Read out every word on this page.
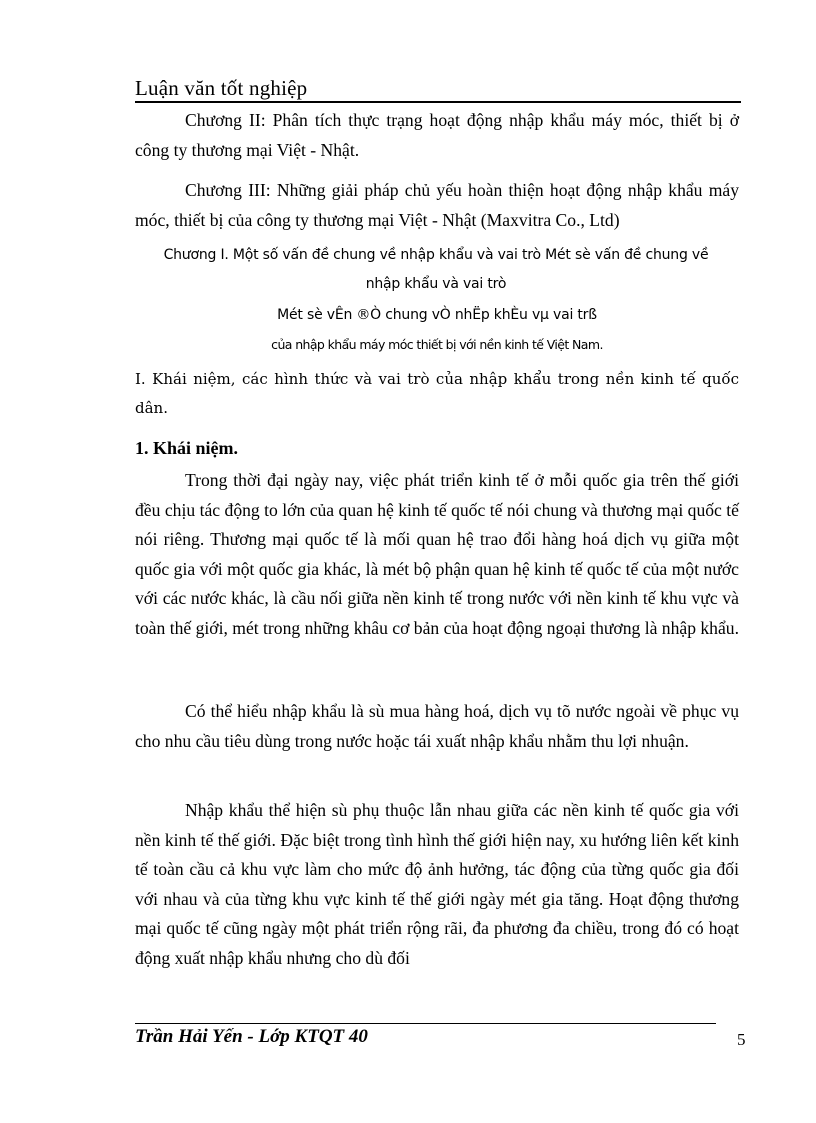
Luận văn tốt nghiệp

Chương II: Phân tích thực trạng hoạt động nhập khẩu máy móc, thiết bị ở công ty thương mại Việt - Nhật.

Chương III: Những giải pháp chủ yếu hoàn thiện hoạt động nhập khẩu máy móc, thiết bị của công ty thương mại Việt - Nhật (Maxvitra Co., Ltd)

Chương I. Một số vấn đề chung về nhập khẩu và vai trò Mét sè vấn đề chung về nhập khẩu và vai trò

Mét sè vÊn ®Ò chung vÒ nhËp khÈu vµ vai trß

của nhập khẩu máy móc thiết bị với nền kinh tế Việt Nam.

I. Khái niệm, các hình thức và vai trò của nhập khẩu trong nền kinh tế quốc dân.

1. Khái niệm.

Trong thời đại ngày nay, việc phát triển kinh tế ở mỗi quốc gia trên thế giới đều chịu tác động to lớn của quan hệ kinh tế quốc tế nói chung và thương mại quốc tế nói riêng. Thương mại quốc tế là mối quan hệ trao đổi hàng hoá dịch vụ giữa một quốc gia với một quốc gia khác, là mét bộ phận quan hệ kinh tế quốc tế của một nước với các nước khác, là cầu nối giữa nền kinh tế trong nước với nền kinh tế khu vực và toàn thế giới, mét trong những khâu cơ bản của hoạt động ngoại thương là nhập khẩu.

Có thể hiểu nhập khẩu là sù mua hàng hoá, dịch vụ tõ nước ngoài về phục vụ cho nhu cầu tiêu dùng trong nước hoặc tái xuất nhập khẩu nhằm thu lợi nhuận.

Nhập khẩu thể hiện sù phụ thuộc lẫn nhau giữa các nền kinh tế quốc gia với nền kinh tế thế giới. Đặc biệt trong tình hình thế giới hiện nay, xu hướng liên kết kinh tế toàn cầu cả khu vực làm cho mức độ ảnh hưởng, tác động của từng quốc gia đối với nhau và của từng khu vực kinh tế thế giới ngày mét gia tăng. Hoạt động thương mại quốc tế cũng ngày một phát triển rộng rãi, đa phương đa chiều, trong đó có hoạt động xuất nhập khẩu nhưng cho dù đối

Trần Hải Yến - Lớp KTQT 40	5
